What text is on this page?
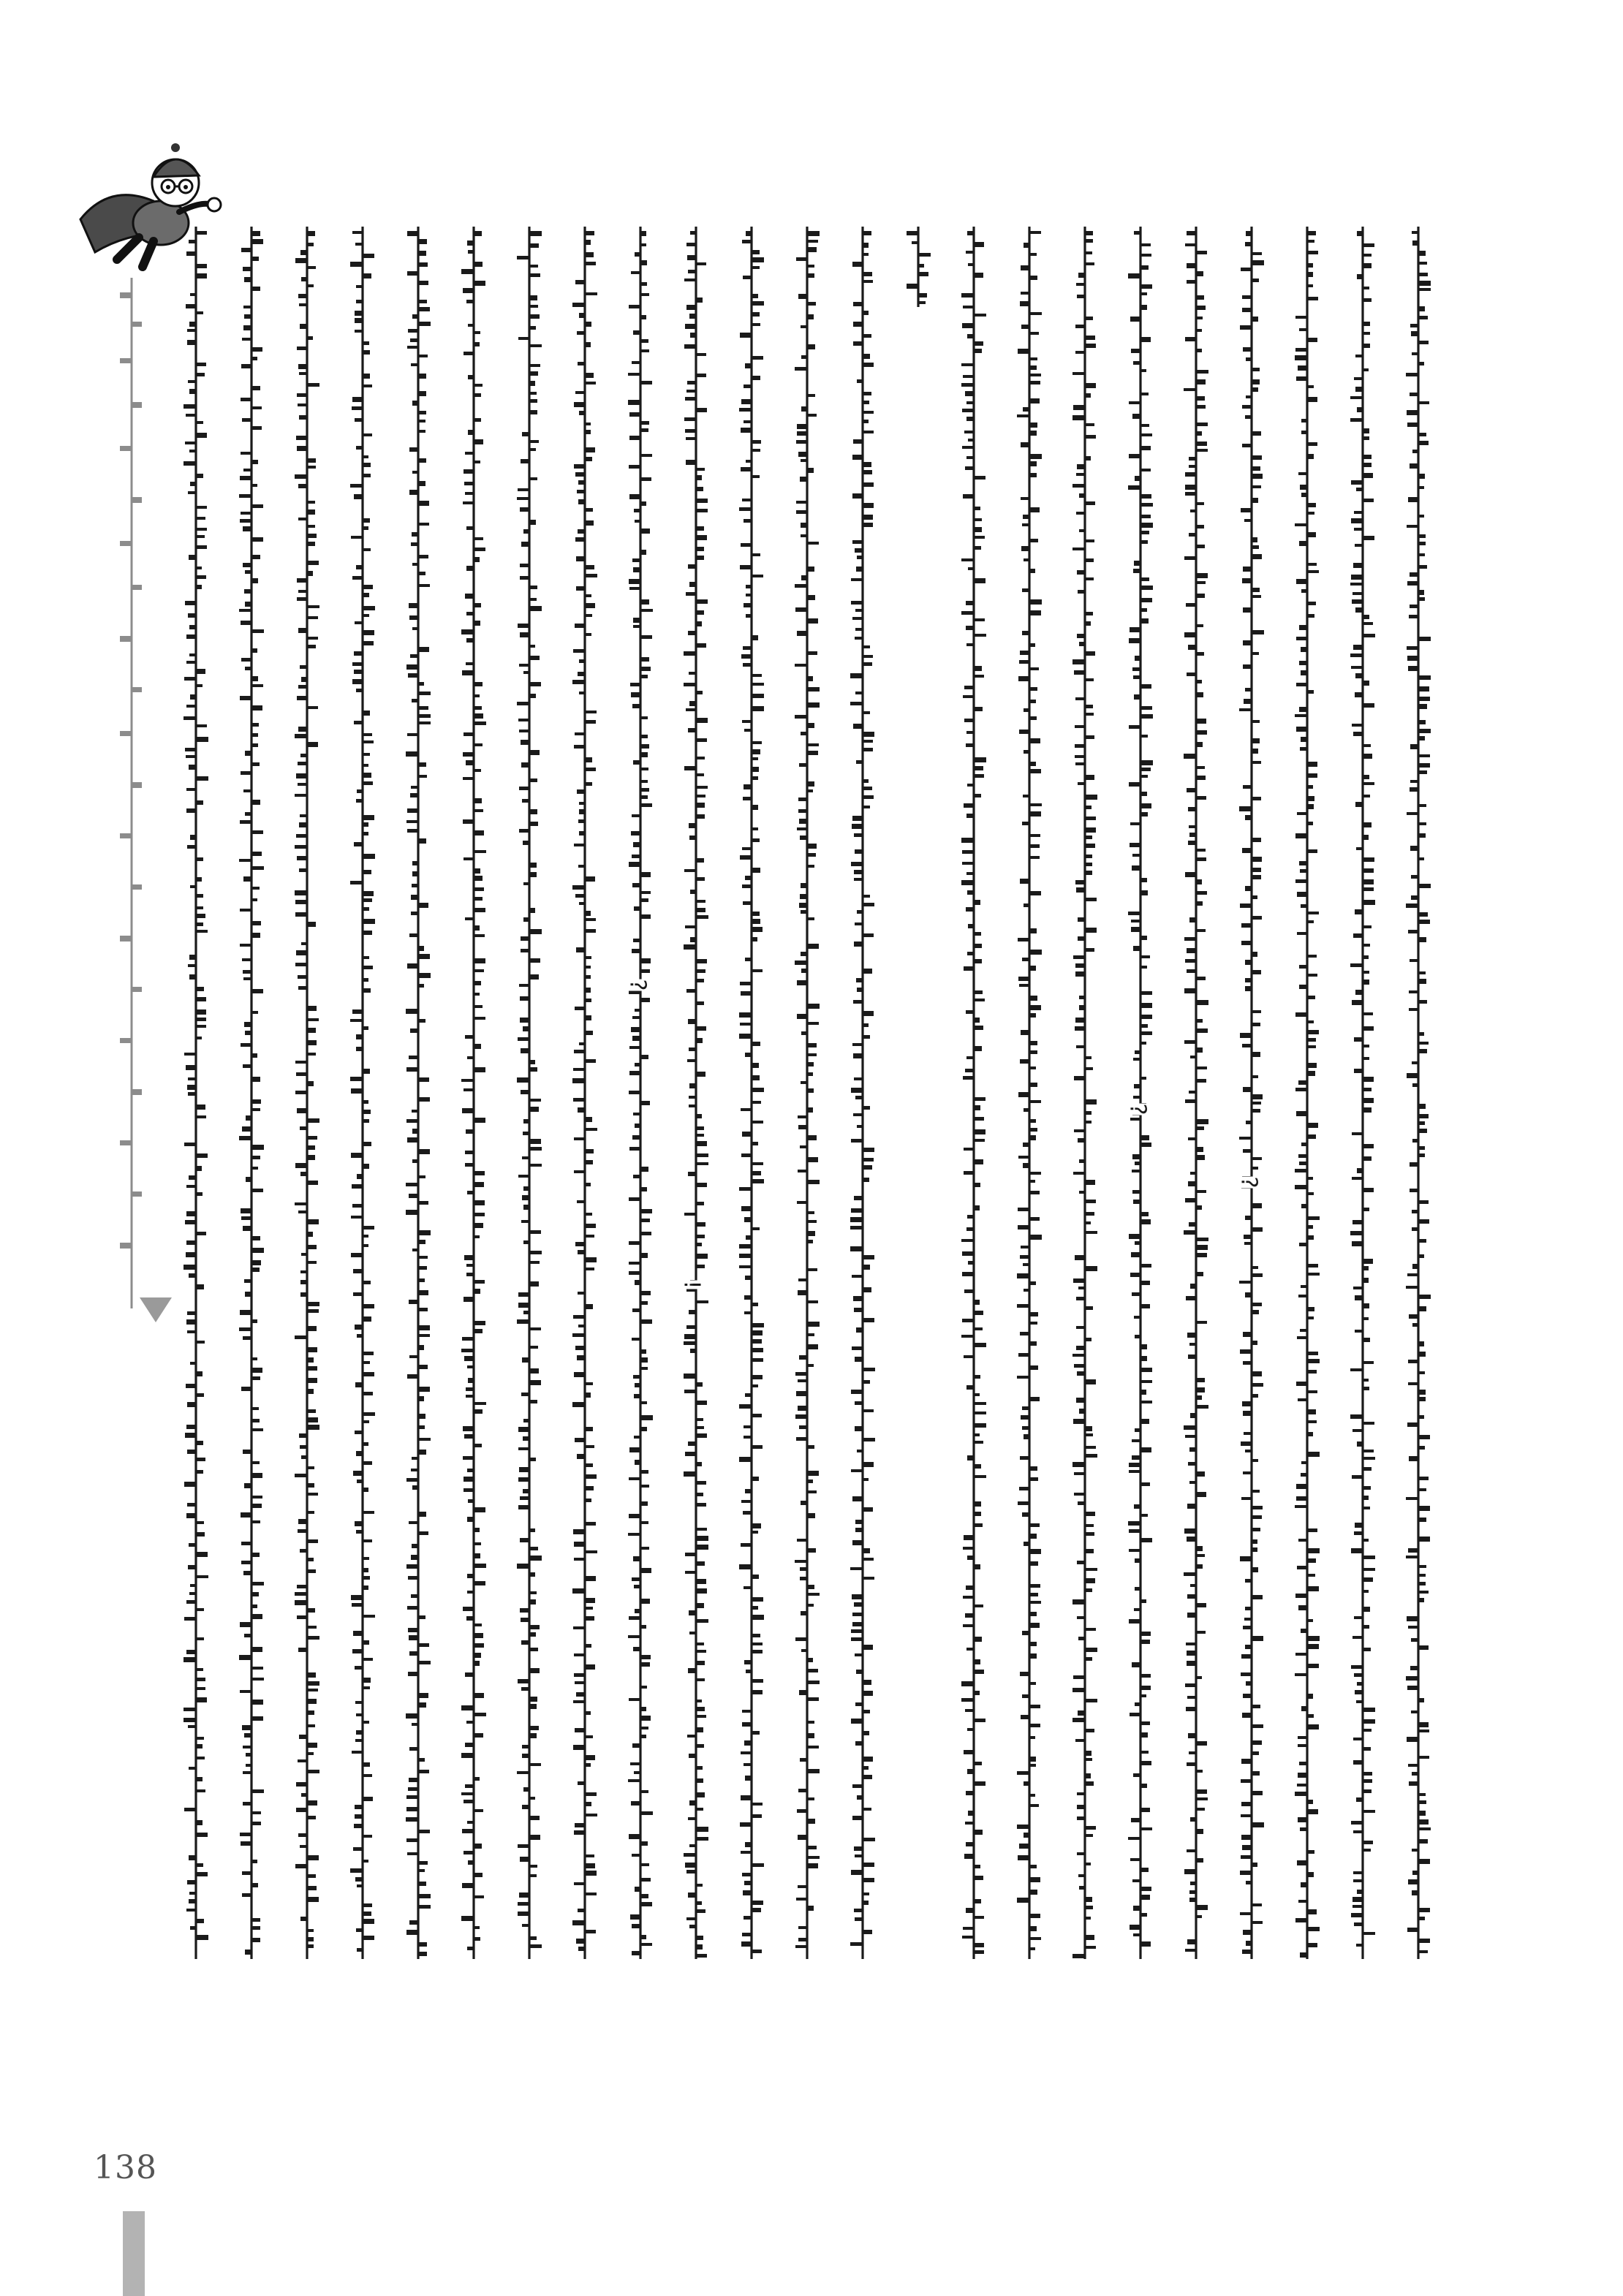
?
?
!
?
138
